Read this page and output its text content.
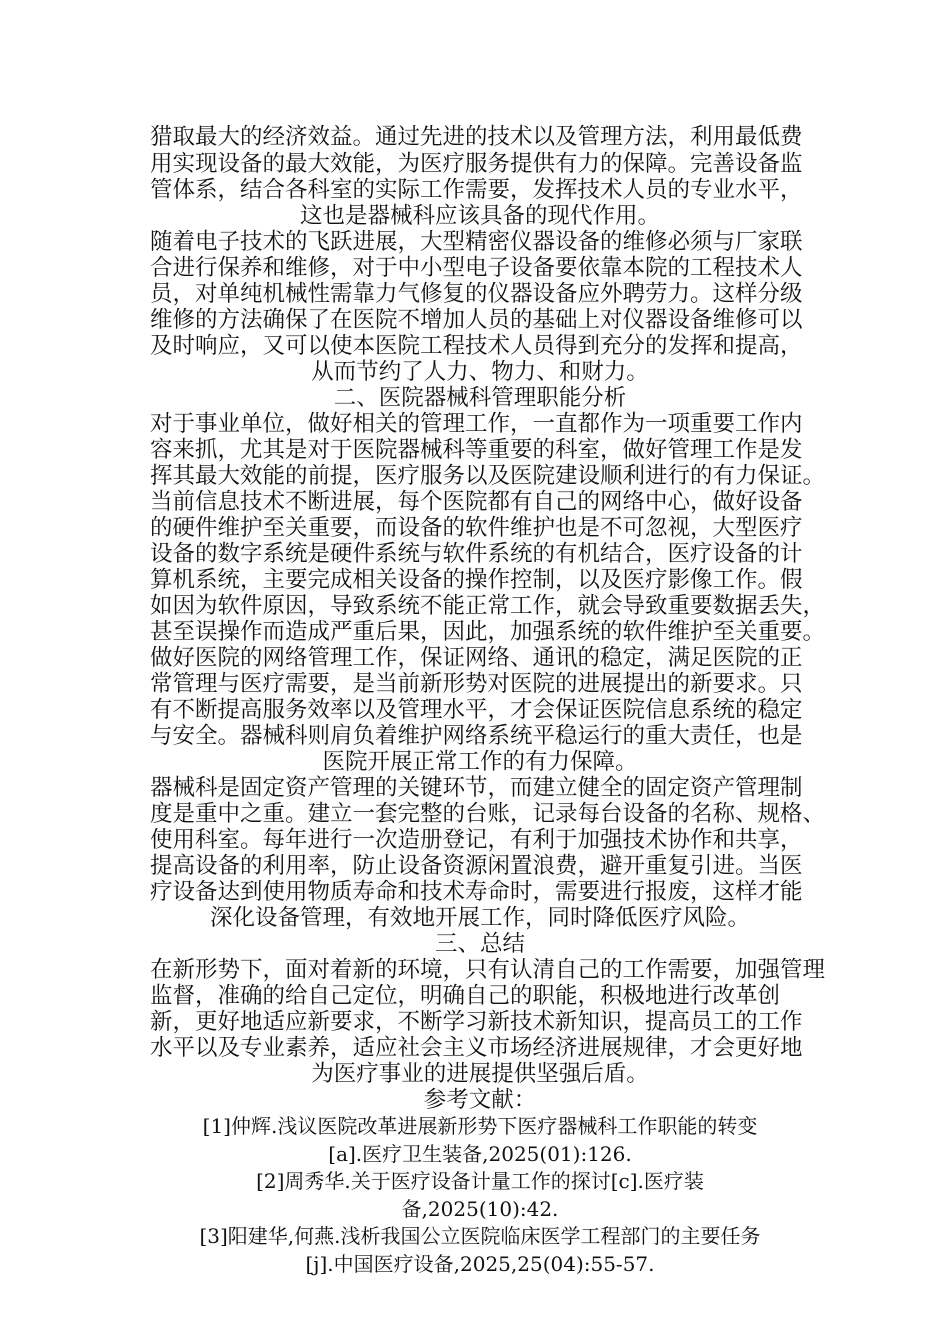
猎取最大的经济效益。通过先进的技术以及管理方法，利用最低费
用实现设备的最大效能，为医疗服务提供有力的保障。完善设备监
管体系，结合各科室的实际工作需要，发挥技术人员的专业水平，
这也是器械科应该具备的现代作用。
随着电子技术的飞跃进展，大型精密仪器设备的维修必须与厂家联
合进行保养和维修，对于中小型电子设备要依靠本院的工程技术人
员，对单纯机械性需靠力气修复的仪器设备应外聘劳力。这样分级
维修的方法确保了在医院不增加人员的基础上对仪器设备维修可以
及时响应，又可以使本医院工程技术人员得到充分的发挥和提高，
从而节约了人力、物力、和财力。
二、医院器械科管理职能分析
对于事业单位，做好相关的管理工作，一直都作为一项重要工作内
容来抓，尤其是对于医院器械科等重要的科室，做好管理工作是发
挥其最大效能的前提，医疗服务以及医院建设顺利进行的有力保证。
当前信息技术不断进展，每个医院都有自己的网络中心，做好设备
的硬件维护至关重要，而设备的软件维护也是不可忽视，大型医疗
设备的数字系统是硬件系统与软件系统的有机结合，医疗设备的计
算机系统，主要完成相关设备的操作控制，以及医疗影像工作。假
如因为软件原因，导致系统不能正常工作，就会导致重要数据丢失，
甚至误操作而造成严重后果，因此，加强系统的软件维护至关重要。
做好医院的网络管理工作，保证网络、通讯的稳定，满足医院的正
常管理与医疗需要，是当前新形势对医院的进展提出的新要求。只
有不断提高服务效率以及管理水平，才会保证医院信息系统的稳定
与安全。器械科则肩负着维护网络系统平稳运行的重大责任，也是
医院开展正常工作的有力保障。
器械科是固定资产管理的关键环节，而建立健全的固定资产管理制
度是重中之重。建立一套完整的台账，记录每台设备的名称、规格、
使用科室。每年进行一次造册登记，有利于加强技术协作和共享，
提高设备的利用率，防止设备资源闲置浪费，避开重复引进。当医
疗设备达到使用物质寿命和技术寿命时，需要进行报废，这样才能
深化设备管理，有效地开展工作，同时降低医疗风险。
三、总结
在新形势下，面对着新的环境，只有认清自己的工作需要，加强管理
监督，准确的给自己定位，明确自己的职能，积极地进行改革创
新，更好地适应新要求，不断学习新技术新知识，提高员工的工作
水平以及专业素养，适应社会主义市场经济进展规律，才会更好地
为医疗事业的进展提供坚强后盾。
参考文献：
[1]仲辉.浅议医院改革进展新形势下医疗器械科工作职能的转变
[a].医疗卫生装备,2025(01):126.
[2]周秀华.关于医疗设备计量工作的探讨[c].医疗装
备,2025(10):42.
[3]阳建华,何燕.浅析我国公立医院临床医学工程部门的主要任务
[j].中国医疗设备,2025,25(04):55-57.
